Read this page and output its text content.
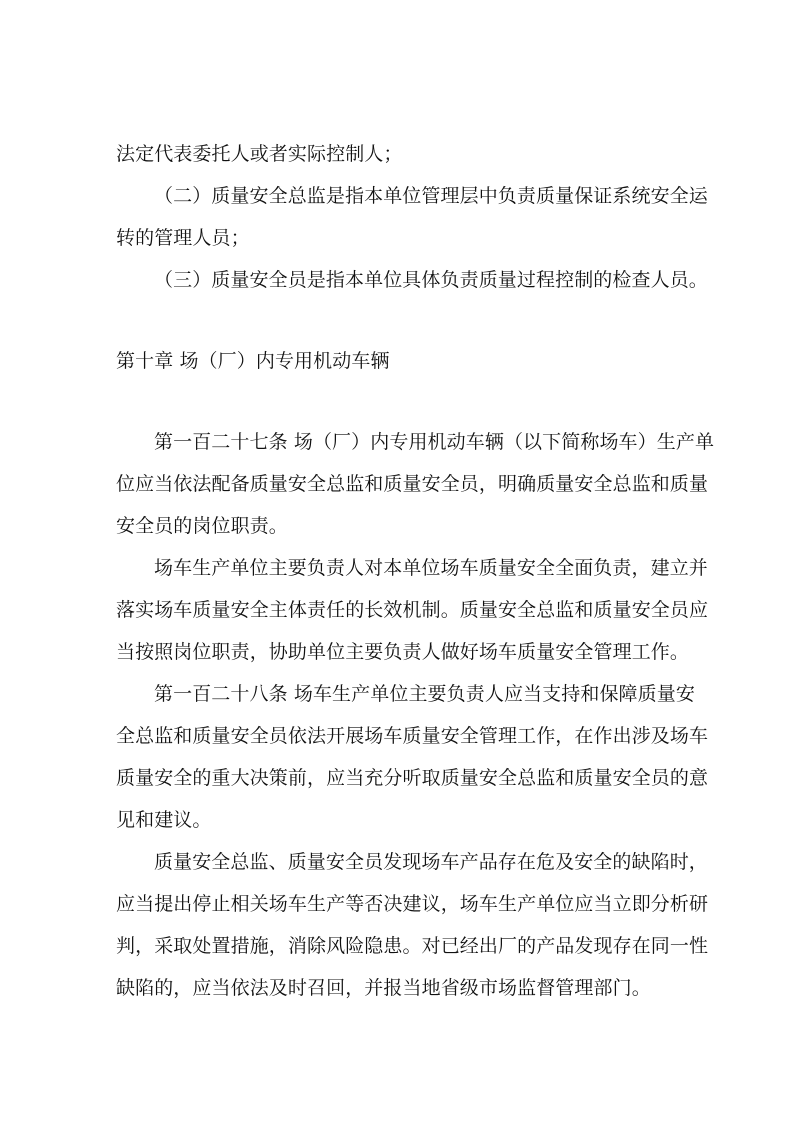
法定代表委托人或者实际控制人；
（二）质量安全总监是指本单位管理层中负责质量保证系统安全运
转的管理人员；
（三）质量安全员是指本单位具体负责质量过程控制的检查人员。
第十章 场（厂）内专用机动车辆
第一百二十七条 场（厂）内专用机动车辆（以下简称场车）生产单
位应当依法配备质量安全总监和质量安全员，明确质量安全总监和质量
安全员的岗位职责。
场车生产单位主要负责人对本单位场车质量安全全面负责，建立并
落实场车质量安全主体责任的长效机制。质量安全总监和质量安全员应
当按照岗位职责，协助单位主要负责人做好场车质量安全管理工作。
第一百二十八条 场车生产单位主要负责人应当支持和保障质量安
全总监和质量安全员依法开展场车质量安全管理工作，在作出涉及场车
质量安全的重大决策前，应当充分听取质量安全总监和质量安全员的意
见和建议。
质量安全总监、质量安全员发现场车产品存在危及安全的缺陷时，
应当提出停止相关场车生产等否决建议，场车生产单位应当立即分析研
判，采取处置措施，消除风险隐患。对已经出厂的产品发现存在同一性
缺陷的，应当依法及时召回，并报当地省级市场监督管理部门。
